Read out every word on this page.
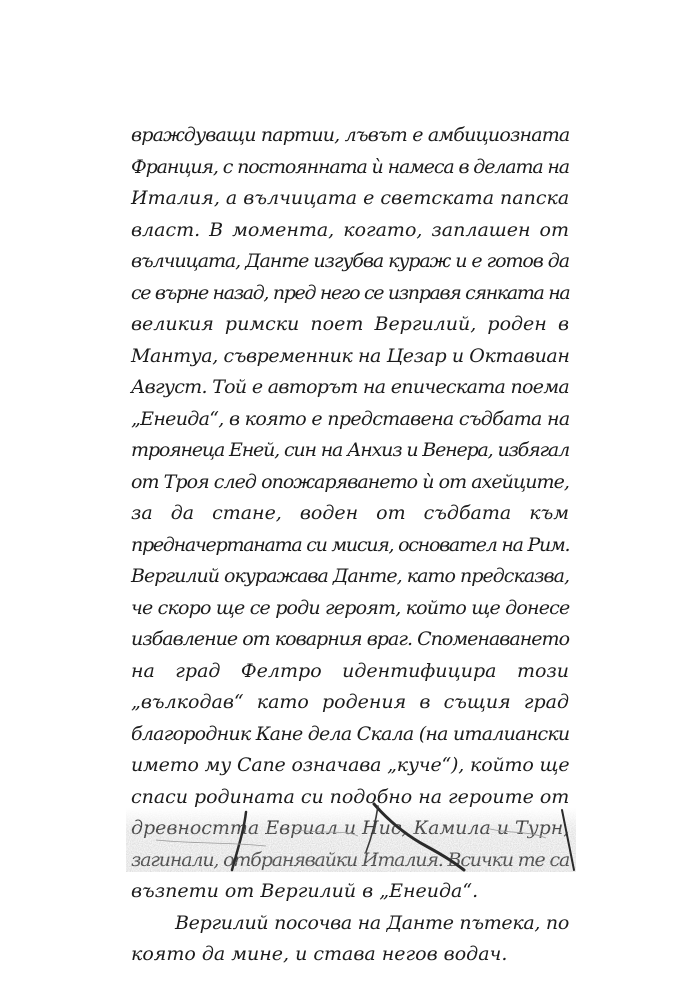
враждуващи партии, лъвът е амбициозната
Франция, с постоянната ѝ намеса в делата на
Италия, а вълчицата е светската папска
власт. В момента, когато, заплашен от
вълчицата, Данте изгубва кураж и е готов да
се върне назад, пред него се изправя сянката на
великия римски поет Вергилий, роден в
Мантуа, съвременник на Цезар и Октавиан
Август. Той е авторът на епическата поема
„Енеида“, в която е представена съдбата на
троянеца Еней, син на Анхиз и Венера, избягал
от Троя след опожаряването ѝ от ахейците,
за да стане, воден от съдбата към
предначертаната си мисия, основател на Рим.
Вергилий окуражава Данте, като предсказва,
че скоро ще се роди героят, който ще донесе
избавление от коварния враг. Споменаването
на град Фелтро идентифицира този
„вълкодав“ като родения в същия град
благородник Кане дела Скала (на италиански
името му Cane означава „куче“), който ще
спаси родината си подобно на героите от
възпети от Вергилий в „Енеида“.
Вергилий посочва на Данте пътека, по
която да мине, и става негов водач.
